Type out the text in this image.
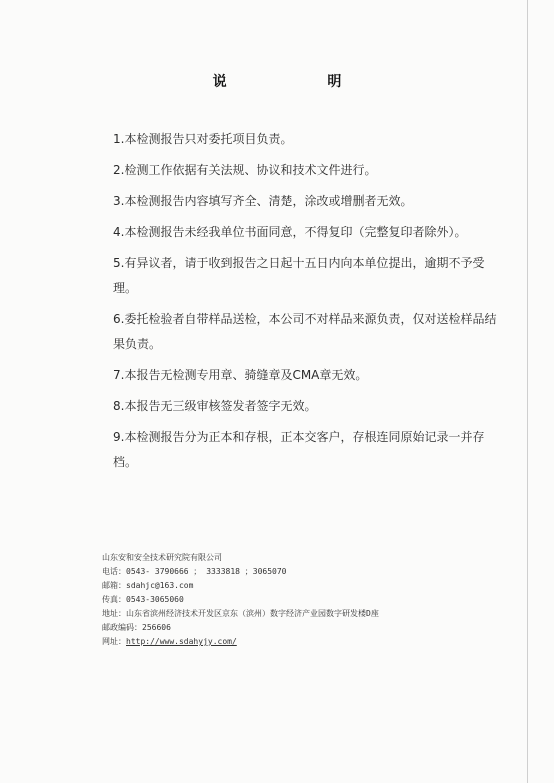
说 明
1.本检测报告只对委托项目负责。
2.检测工作依据有关法规、协议和技术文件进行。
3.本检测报告内容填写齐全、清楚，涂改或增删者无效。
4.本检测报告未经我单位书面同意，不得复印（完整复印者除外）。
5.有异议者，请于收到报告之日起十五日内向本单位提出，逾期不予受理。
6.委托检验者自带样品送检，本公司不对样品来源负责，仅对送检样品结果负责。
7.本报告无检测专用章、骑缝章及CMA章无效。
8.本报告无三级审核签发者签字无效。
9.本检测报告分为正本和存根，正本交客户，存根连同原始记录一并存档。
山东安和安全技术研究院有限公司
电话：0543- 3790666 ； 3333818 ；3065070
邮箱：sdahjc@163.com
传真：0543-3065060
地址：山东省滨州经济技术开发区京东（滨州）数字经济产业园数字研发楼D座
邮政编码：256606
网址：http://www.sdahyjy.com/
